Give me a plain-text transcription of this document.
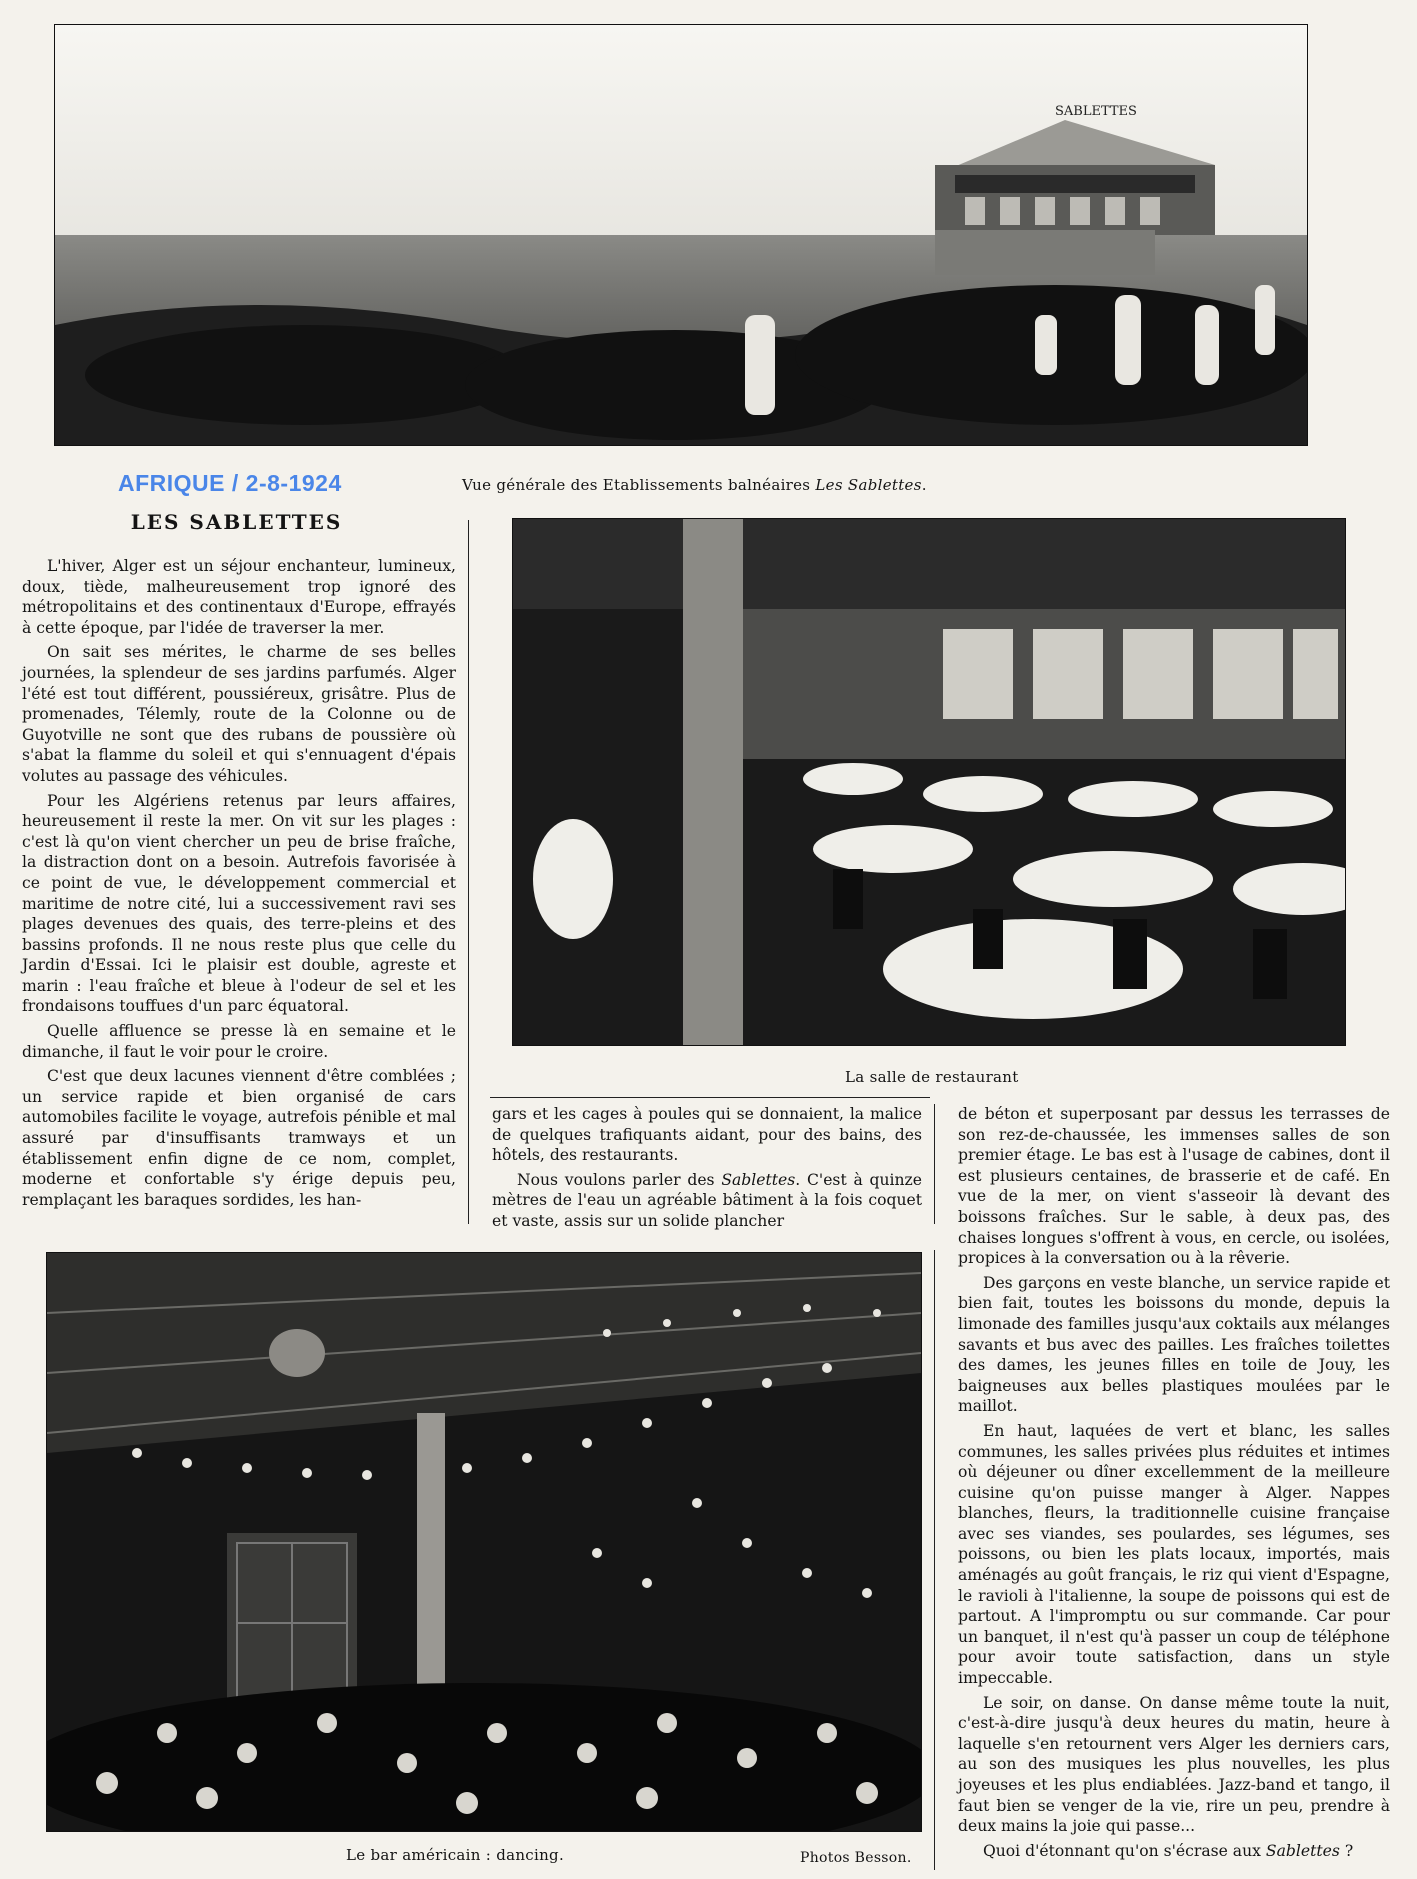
SABLETTES
AFRIQUE / 2-8-1924	Vue générale des Etablissements balnéaires Les Sablettes.
LES SABLETTES
La salle de restaurant

L'hiver, Alger est un séjour enchanteur, lumineux, doux, tiède, malheureusement trop ignoré des métropolitains et des continentaux d'Europe, effrayés à cette époque, par l'idée de traverser la mer.

On sait ses mérites, le charme de ses belles journées, la splendeur de ses jardins parfumés. Alger l'été est tout différent, poussiéreux, grisâtre. Plus de promenades, Télemly, route de la Colonne ou de Guyotville ne sont que des rubans de poussière où s'abat la flamme du soleil et qui s'ennuagent d'épais volutes au passage des véhicules.

Pour les Algériens retenus par leurs affaires, heureusement il reste la mer. On vit sur les plages : c'est là qu'on vient chercher un peu de brise fraîche, la distraction dont on a besoin. Autrefois favorisée à ce point de vue, le développement commercial et maritime de notre cité, lui a successivement ravi ses plages devenues des quais, des terre-pleins et des bassins profonds. Il ne nous reste plus que celle du Jardin d'Essai. Ici le plaisir est double, agreste et marin : l'eau fraîche et bleue à l'odeur de sel et les frondaisons touffues d'un parc équatoral.

Quelle affluence se presse là en semaine et le dimanche, il faut le voir pour le croire.

C'est que deux lacunes viennent d'être comblées ; un service rapide et bien organisé de cars automobiles facilite le voyage, autrefois pénible et mal assuré par d'insuffisants tramways et un établissement enfin digne de ce nom, complet, moderne et confortable s'y érige depuis peu, remplaçant les baraques sordides, les han-

gars et les cages à poules qui se donnaient, la malice de quelques trafiquants aidant, pour des bains, des hôtels, des restaurants.

Nous voulons parler des Sablettes. C'est à quinze mètres de l'eau un agréable bâtiment à la fois coquet et vaste, assis sur un solide plancher

de béton et superposant par dessus les terrasses de son rez-de-chaussée, les immenses salles de son premier étage. Le bas est à l'usage de cabines, dont il est plusieurs centaines, de brasserie et de café. En vue de la mer, on vient s'asseoir là devant des boissons fraîches. Sur le sable, à deux pas, des chaises longues s'offrent à vous, en cercle, ou isolées, propices à la conversation ou à la rêverie.

Des garçons en veste blanche, un service rapide et bien fait, toutes les boissons du monde, depuis la limonade des familles jusqu'aux coktails aux mélanges savants et bus avec des pailles. Les fraîches toilettes des dames, les jeunes filles en toile de Jouy, les baigneuses aux belles plastiques moulées par le maillot.

En haut, laquées de vert et blanc, les salles communes, les salles privées plus réduites et intimes où déjeuner ou dîner excellemment de la meilleure cuisine qu'on puisse manger à Alger. Nappes blanches, fleurs, la traditionnelle cuisine française avec ses viandes, ses poulardes, ses légumes, ses poissons, ou bien les plats locaux, importés, mais aménagés au goût français, le riz qui vient d'Espagne, le ravioli à l'italienne, la soupe de poissons qui est de partout. A l'impromptu ou sur commande. Car pour un banquet, il n'est qu'à passer un coup de téléphone pour avoir toute satisfaction, dans un style impeccable.

Le soir, on danse. On danse même toute la nuit, c'est-à-dire jusqu'à deux heures du matin, heure à laquelle s'en retournent vers Alger les derniers cars, au son des musiques les plus nouvelles, les plus joyeuses et les plus endiablées. Jazz-band et tango, il faut bien se venger de la vie, rire un peu, prendre à deux mains la joie qui passe...

Quoi d'étonnant qu'on s'écrase aux Sablettes ?

Le bar américain : dancing.	Photos Besson.
